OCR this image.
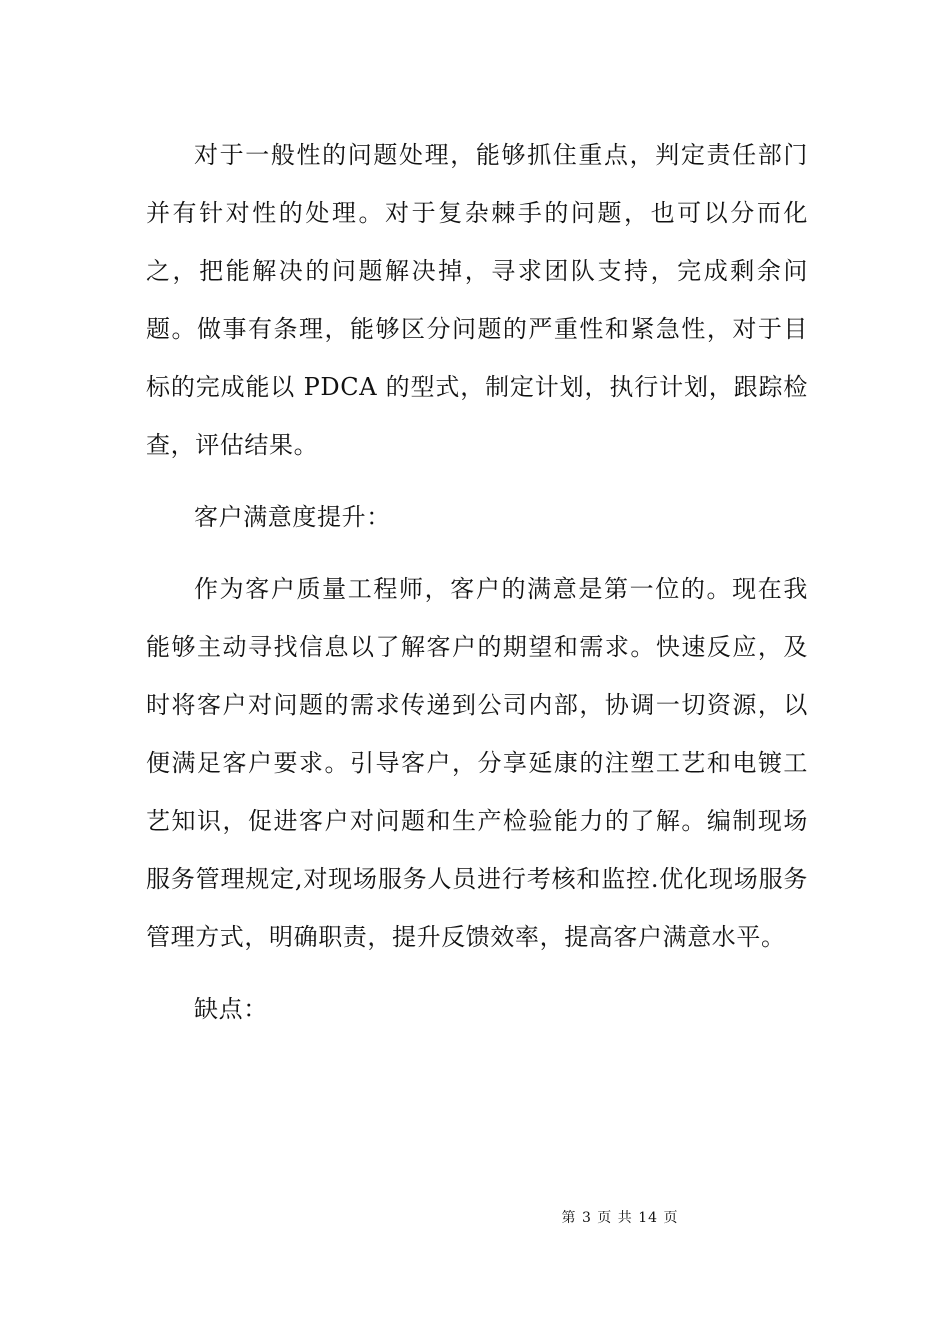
对于一般性的问题处理，能够抓住重点，判定责任部门并有针对性的处理。对于复杂棘手的问题，也可以分而化之，把能解决的问题解决掉，寻求团队支持，完成剩余问题。做事有条理，能够区分问题的严重性和紧急性，对于目标的完成能以 PDCA 的型式，制定计划，执行计划，跟踪检查，评估结果。

客户满意度提升：

作为客户质量工程师，客户的满意是第一位的。现在我能够主动寻找信息以了解客户的期望和需求。快速反应，及时将客户对问题的需求传递到公司内部，协调一切资源，以便满足客户要求。引导客户，分享延康的注塑工艺和电镀工艺知识，促进客户对问题和生产检验能力的了解。编制现场服务管理规定,对现场服务人员进行考核和监控.优化现场服务管理方式，明确职责，提升反馈效率，提高客户满意水平。

缺点：

第 3 页 共 14 页
